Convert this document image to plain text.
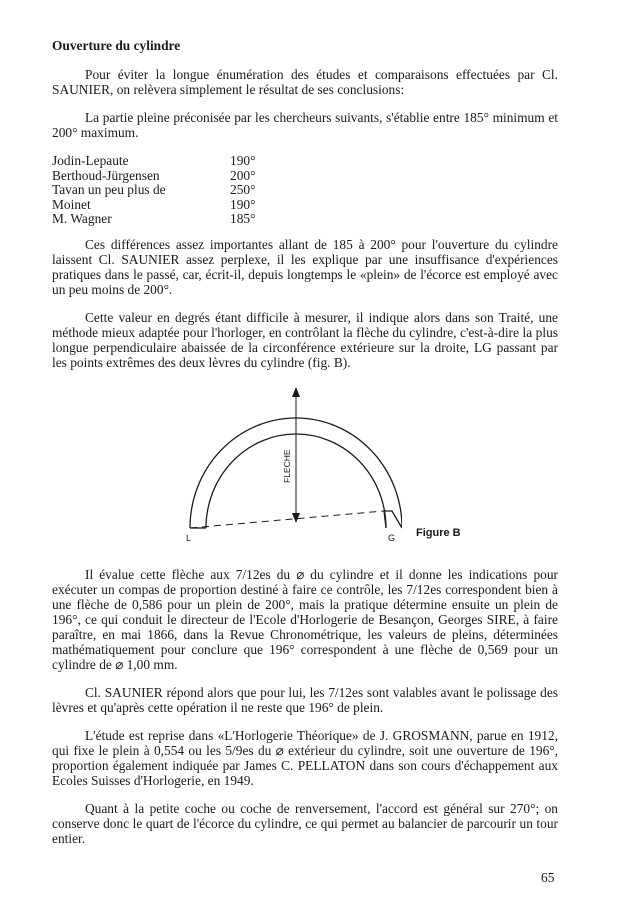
Ouverture du cylindre

Pour éviter la longue énumération des études et comparaisons effectuées par Cl. SAUNIER, on relèvera simplement le résultat de ses conclusions:

La partie pleine préconisée par les chercheurs suivants, s'établie entre 185° minimum et 200° maximum.

Jodin-Lepaute	190°
Berthoud-Jürgensen	200°
Tavan un peu plus de	250°
Moinet	190°
M. Wagner	185°

Ces différences assez importantes allant de 185 à 200° pour l'ouverture du cylindre laissent Cl. SAUNIER assez perplexe, il les explique par une insuffisance d'expériences pratiques dans le passé, car, écrit-il, depuis longtemps le «plein» de l'écorce est employé avec un peu moins de 200°.

Cette valeur en degrés étant difficile à mesurer, il indique alors dans son Traité, une méthode mieux adaptée pour l'horloger, en contrôlant la flèche du cylindre, c'est-à-dire la plus longue perpendiculaire abaissée de la circonférence extérieure sur la droite, LG passant par les points extrêmes des deux lèvres du cylindre (fig. B).

FLECHE
L	G Figure B

Il évalue cette flèche aux 7/12es du ⌀ du cylindre et il donne les indications pour exécuter un compas de proportion destiné à faire ce contrôle, les 7/12es correspondent bien à une flèche de 0,586 pour un plein de 200°, mais la pratique détermine ensuite un plein de 196°, ce qui conduit le directeur de l'Ecole d'Horlogerie de Besançon, Georges SIRE, à faire paraître, en mai 1866, dans la Revue Chronométrique, les valeurs de pleins, déterminées mathématiquement pour conclure que 196° correspondent à une flèche de 0,569 pour un cylindre de ⌀ 1,00 mm.

Cl. SAUNIER répond alors que pour lui, les 7/12es sont valables avant le polissage des lèvres et qu'après cette opération il ne reste que 196° de plein.

L'étude est reprise dans «L'Horlogerie Théorique» de J. GROSMANN, parue en 1912, qui fixe le plein à 0,554 ou les 5/9es du ⌀ extérieur du cylindre, soit une ouverture de 196°, proportion également indiquée par James C. PELLATON dans son cours d'échappement aux Ecoles Suisses d'Horlogerie, en 1949.

Quant à la petite coche ou coche de renversement, l'accord est général sur 270°; on conserve donc le quart de l'écorce du cylindre, ce qui permet au balancier de parcourir un tour entier.

65
